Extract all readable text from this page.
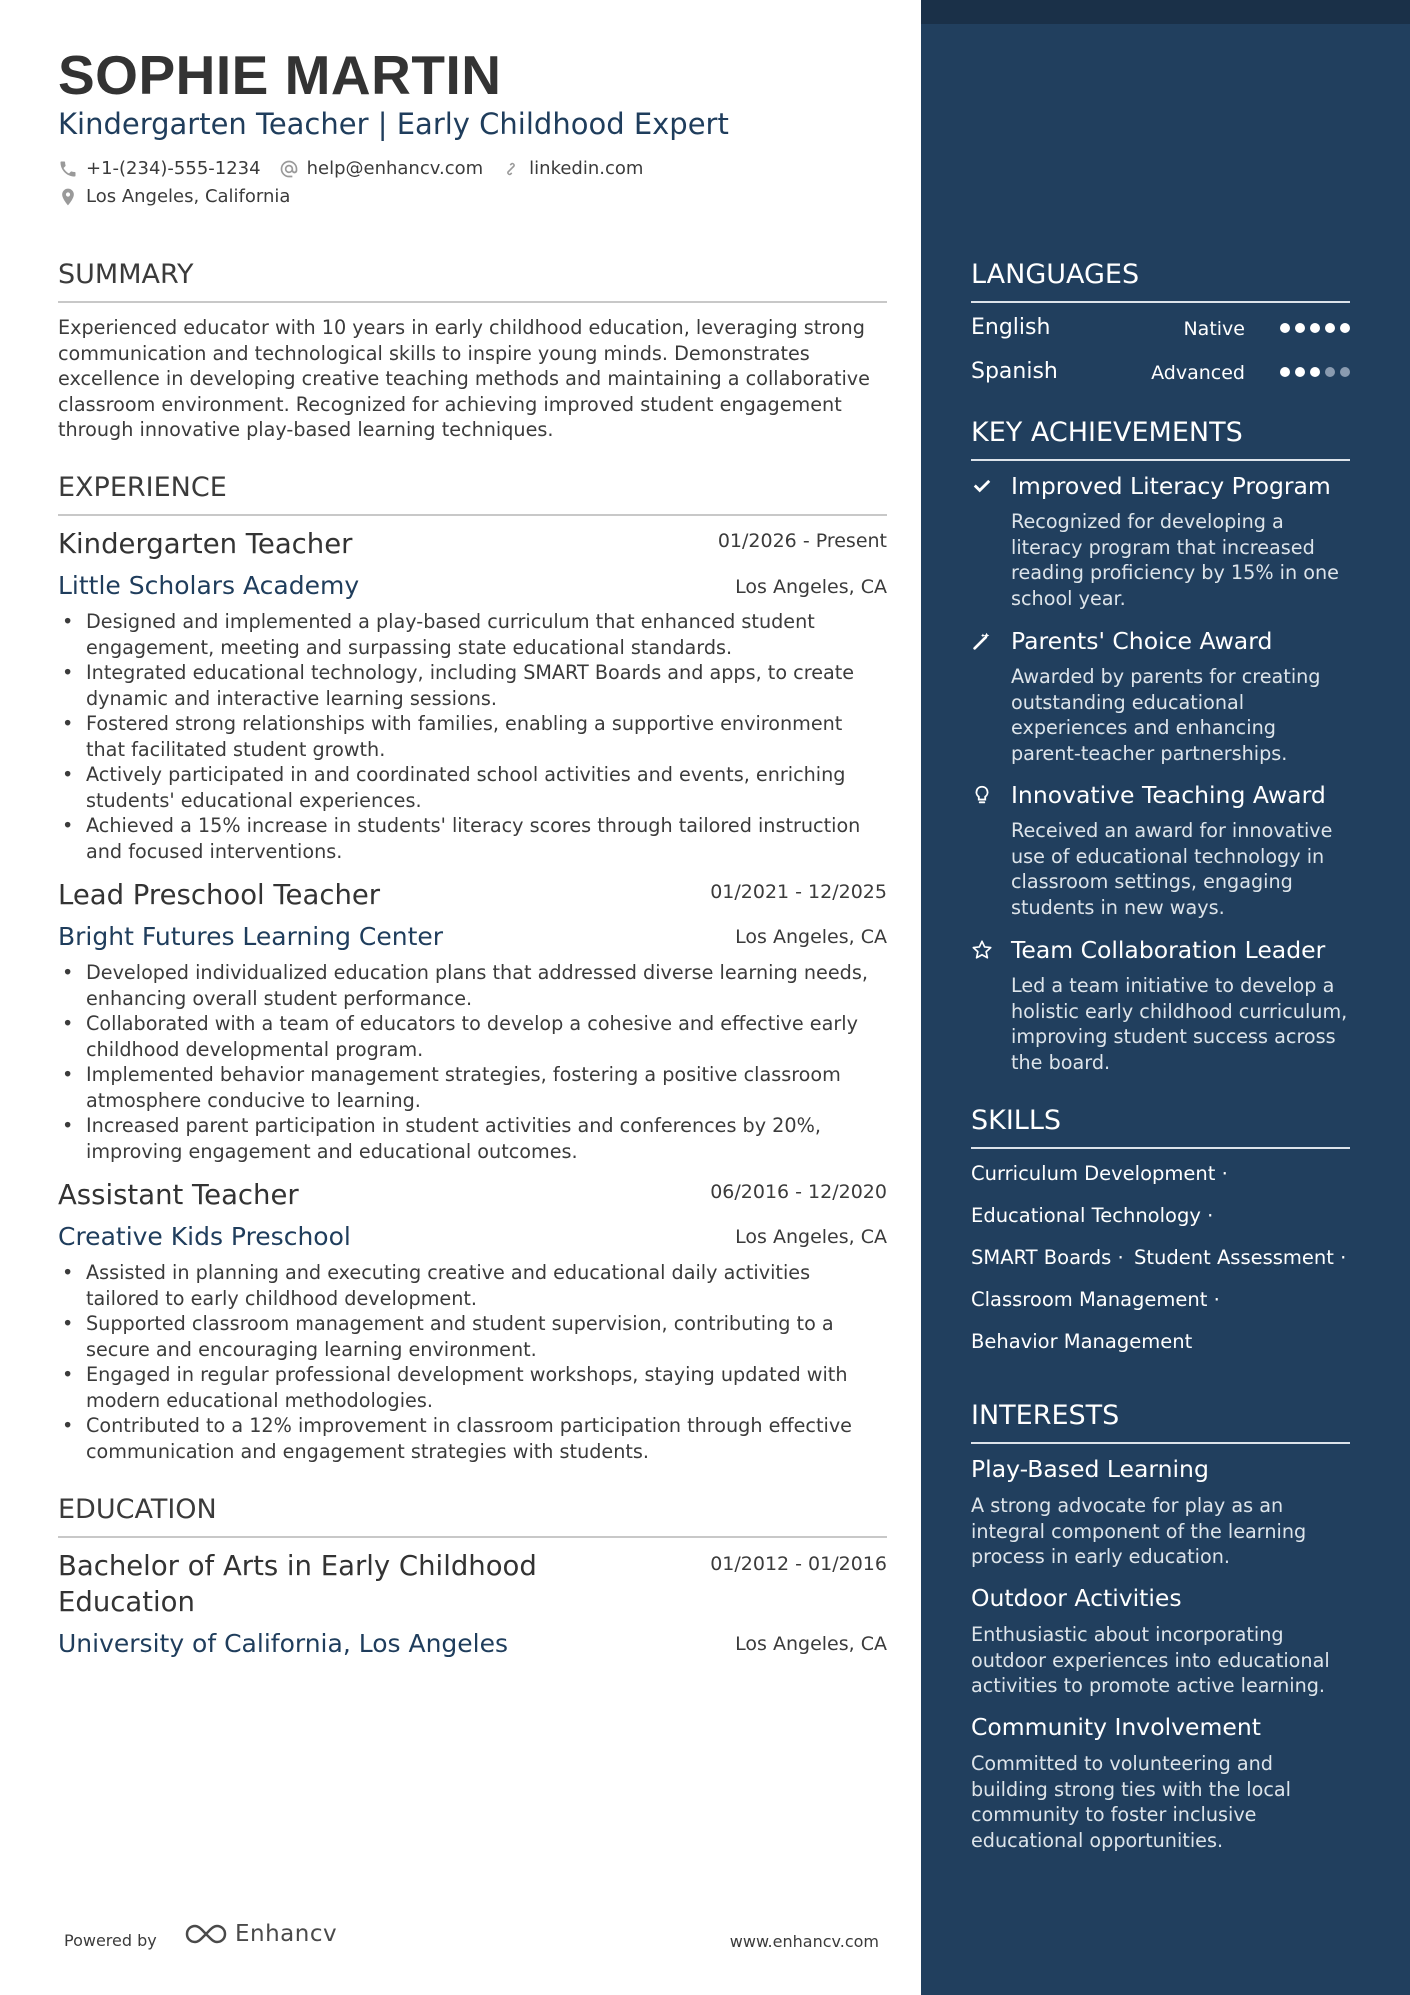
SOPHIE MARTIN
Kindergarten Teacher | Early Childhood Expert
+1-(234)-555-1234	help@enhancv.com	linkedin.com
Los Angeles, California
SUMMARY

Experienced educator with 10 years in early childhood education, leveraging strong communication and technological skills to inspire young minds. Demonstrates excellence in developing creative teaching methods and maintaining a collaborative classroom environment. Recognized for achieving improved student engagement through innovative play-based learning techniques.

EXPERIENCE
Kindergarten Teacher	01/2026 - Present
Little Scholars Academy	Los Angeles, CA
• Designed and implemented a play-based curriculum that enhanced student engagement, meeting and surpassing state educational standards.
• Integrated educational technology, including SMART Boards and apps, to create dynamic and interactive learning sessions.
• Fostered strong relationships with families, enabling a supportive environment that facilitated student growth.
• Actively participated in and coordinated school activities and events, enriching students' educational experiences.
• Achieved a 15% increase in students' literacy scores through tailored instruction and focused interventions.
Lead Preschool Teacher	01/2021 - 12/2025
Bright Futures Learning Center	Los Angeles, CA
• Developed individualized education plans that addressed diverse learning needs, enhancing overall student performance.
• Collaborated with a team of educators to develop a cohesive and effective early childhood developmental program.
• Implemented behavior management strategies, fostering a positive classroom atmosphere conducive to learning.
• Increased parent participation in student activities and conferences by 20%, improving engagement and educational outcomes.
Assistant Teacher	06/2016 - 12/2020
Creative Kids Preschool	Los Angeles, CA
• Assisted in planning and executing creative and educational daily activities tailored to early childhood development.
• Supported classroom management and student supervision, contributing to a secure and encouraging learning environment.
• Engaged in regular professional development workshops, staying updated with modern educational methodologies.
• Contributed to a 12% improvement in classroom participation through effective communication and engagement strategies with students.
EDUCATION
Bachelor of Arts in Early Childhood
Education
01/2012 - 01/2016
University of California, Los Angeles	Los Angeles, CA
Powered by	Enhancv	www.enhancv.com
LANGUAGES
English	Native
Spanish	Advanced
KEY ACHIEVEMENTS
Improved Literacy Program

Recognized for developing a literacy program that increased reading proficiency by 15% in one school year.

Parents' Choice Award

Awarded by parents for creating outstanding educational experiences and enhancing parent-teacher partnerships.

Innovative Teaching Award

Received an award for innovative use of educational technology in classroom settings, engaging students in new ways.

Team Collaboration Leader

Led a team initiative to develop a holistic early childhood curriculum, improving student success across the board.

SKILLS
Curriculum Development ·
Educational Technology ·
SMART Boards · Student Assessment ·
Classroom Management ·
Behavior Management
INTERESTS
Play-Based Learning

A strong advocate for play as an integral component of the learning process in early education.

Outdoor Activities

Enthusiastic about incorporating outdoor experiences into educational activities to promote active learning.

Community Involvement

Committed to volunteering and building strong ties with the local community to foster inclusive educational opportunities.
